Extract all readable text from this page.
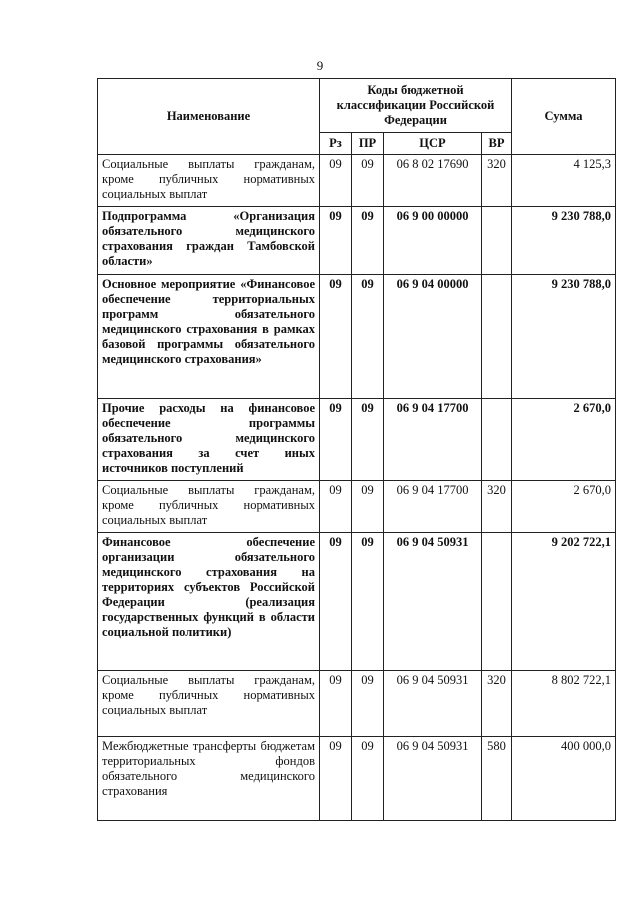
9
Наименование	Коды бюджетной классификации Российской Федерации				Сумма
	Рз	ПР	ЦСР	ВР	
Социальные выплаты гражданам, кроме публичных нормативных социальных выплат	09	09	06 8 02 17690	320	4 125,3
Подпрограмма «Организация обязательного медицинского страхования граждан Тамбовской области»	09	09	06 9 00 00000		9 230 788,0
Основное мероприятие «Финансовое обеспечение территориальных программ обязательного медицинского страхования в рамках базовой программы обязательного медицинского страхования»	09	09	06 9 04 00000		9 230 788,0
Прочие расходы на финансовое обеспечение программы обязательного медицинского страхования за счет иных источников поступлений	09	09	06 9 04 17700		2 670,0
Социальные выплаты гражданам, кроме публичных нормативных социальных выплат	09	09	06 9 04 17700	320	2 670,0
Финансовое обеспечение организации обязательного медицинского страхования на территориях субъектов Российской Федерации (реализация государственных функций в области социальной политики)	09	09	06 9 04 50931		9 202 722,1
Социальные выплаты гражданам, кроме публичных нормативных социальных выплат	09	09	06 9 04 50931	320	8 802 722,1
Межбюджетные трансферты бюджетам территориальных фондов обязательного медицинского страхования	09	09	06 9 04 50931	580	400 000,0
